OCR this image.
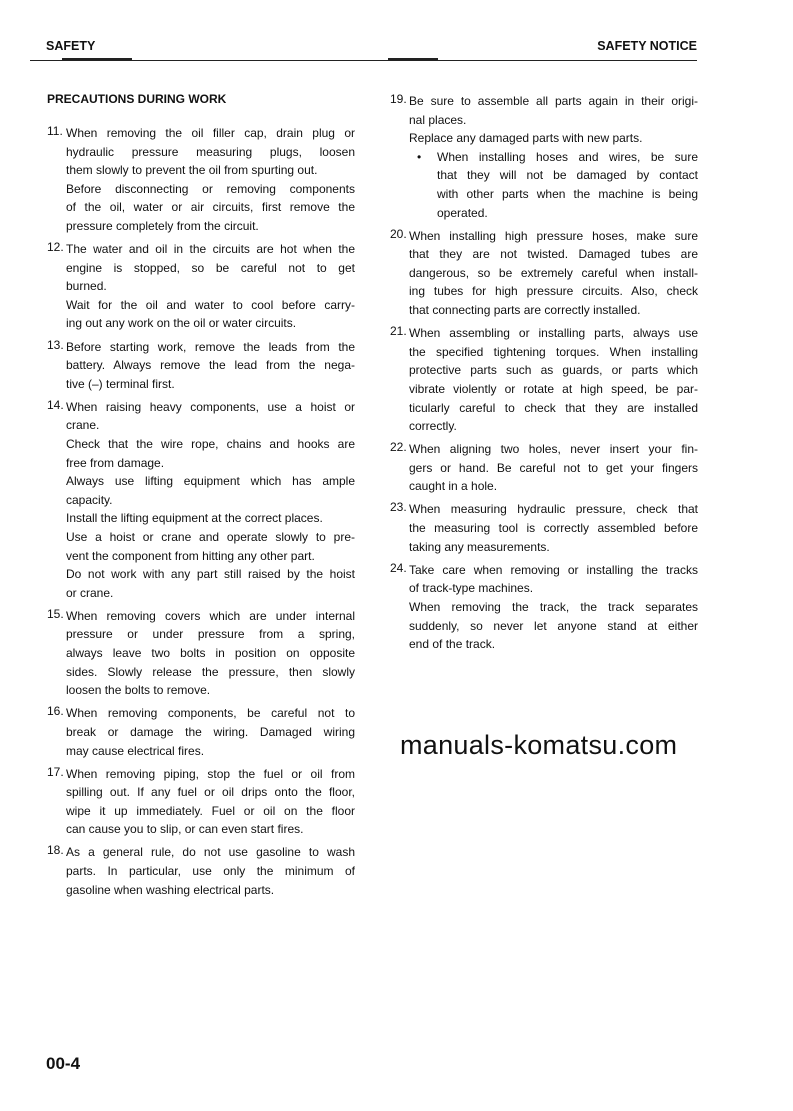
SAFETY	SAFETY NOTICE
PRECAUTIONS DURING WORK
11. When removing the oil filler cap, drain plug or
hydraulic pressure measuring plugs, loosen
them slowly to prevent the oil from spurting out.
Before disconnecting or removing components
of the oil, water or air circuits, first remove the
pressure completely from the circuit.
12. The water and oil in the circuits are hot when the
engine is stopped, so be careful not to get
burned.
Wait for the oil and water to cool before carry-
ing out any work on the oil or water circuits.
13. Before starting work, remove the leads from the
battery. Always remove the lead from the nega-
tive (–) terminal first.
14. When raising heavy components, use a hoist or
crane.
Check that the wire rope, chains and hooks are
free from damage.
Always use lifting equipment which has ample
capacity.
Install the lifting equipment at the correct places.
Use a hoist or crane and operate slowly to pre-
vent the component from hitting any other part.
Do not work with any part still raised by the hoist
or crane.
15. When removing covers which are under internal
pressure or under pressure from a spring,
always leave two bolts in position on opposite
sides. Slowly release the pressure, then slowly
loosen the bolts to remove.
16. When removing components, be careful not to
break or damage the wiring. Damaged wiring
may cause electrical fires.
17. When removing piping, stop the fuel or oil from
spilling out. If any fuel or oil drips onto the floor,
wipe it up immediately. Fuel or oil on the floor
can cause you to slip, or can even start fires.
18. As a general rule, do not use gasoline to wash
parts. In particular, use only the minimum of
gasoline when washing electrical parts.
19. Be sure to assemble all parts again in their origi-
nal places.
Replace any damaged parts with new parts.
• When installing hoses and wires, be sure
that they will not be damaged by contact
with other parts when the machine is being
operated.
20. When installing high pressure hoses, make sure
that they are not twisted. Damaged tubes are
dangerous, so be extremely careful when install-
ing tubes for high pressure circuits. Also, check
that connecting parts are correctly installed.
21. When assembling or installing parts, always use
the specified tightening torques. When installing
protective parts such as guards, or parts which
vibrate violently or rotate at high speed, be par-
ticularly careful to check that they are installed
correctly.
22. When aligning two holes, never insert your fin-
gers or hand. Be careful not to get your fingers
caught in a hole.
23. When measuring hydraulic pressure, check that
the measuring tool is correctly assembled before
taking any measurements.
24. Take care when removing or installing the tracks
of track-type machines.
When removing the track, the track separates
suddenly, so never let anyone stand at either
end of the track.
manuals-komatsu.com
00-4
